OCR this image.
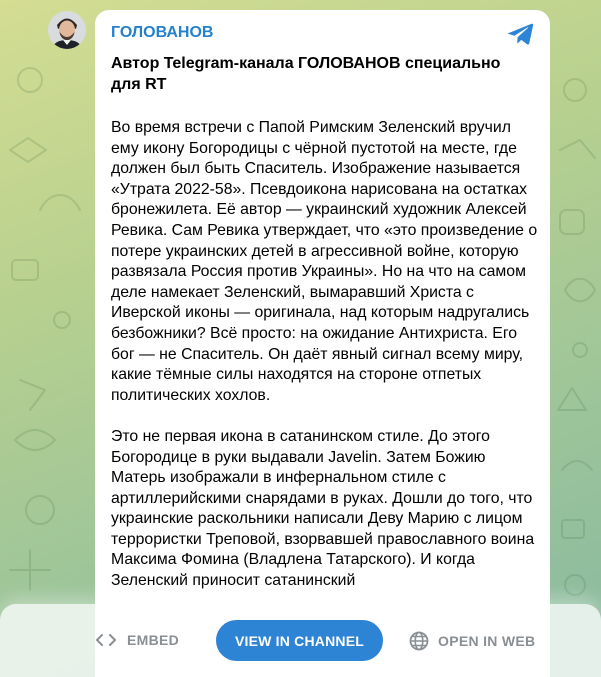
ГОЛОВАНОВ
Автор Telegram-канала ГОЛОВАНОВ специально для RT
Во время встречи с Папой Римским Зеленский вручил ему икону Богородицы с чёрной пустотой на месте, где должен был быть Спаситель. Изображение называется «Утрата 2022-58». Псевдоикона нарисована на остатках бронежилета. Её автор — украинский художник Алексей Ревика. Сам Ревика утверждает, что «это произведение о потере украинских детей в агрессивной войне, которую развязала Россия против Украины». Но на что на самом деле намекает Зеленский, вымаравший Христа с Иверской иконы — оригинала, над которым надругались безбожники? Всё просто: на ожидание Антихриста. Его бог — не Спаситель. Он даёт явный сигнал всему миру, какие тёмные силы находятся на стороне отпетых политических хохлов.
Это не первая икона в сатанинском стиле. До этого Богородице в руки выдавали Javelin. Затем Божию Матерь изображали в инфернальном стиле с артиллерийскими снарядами в руках. Дошли до того, что украинские раскольники написали Деву Марию с лицом террористки Треповой, взорвавшей православного воина Максима Фомина (Владлена Татарского). И когда Зеленский приносит сатанинский
EMBED	VIEW IN CHANNEL	OPEN IN WEB
